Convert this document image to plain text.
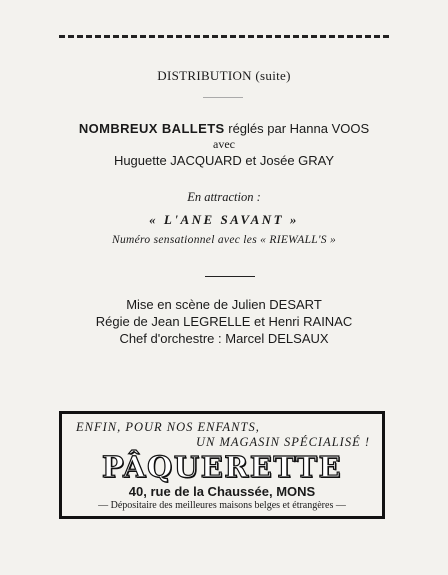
DISTRIBUTION (suite)
NOMBREUX BALLETS réglés par Hanna VOOS
avec
Huguette JACQUARD et Josée GRAY
En attraction :
« L'ANE SAVANT »
Numéro sensationnel avec les « RIEWALL'S »
Mise en scène de Julien DESART
Régie de Jean LEGRELLE et Henri RAINAC
Chef d'orchestre : Marcel DELSAUX
ENFIN, POUR NOS ENFANTS,
UN MAGASIN SPÉCIALISÉ !
PÂQUERETTE
40, rue de la Chaussée, MONS
— Dépositaire des meilleures maisons belges et étrangères —
